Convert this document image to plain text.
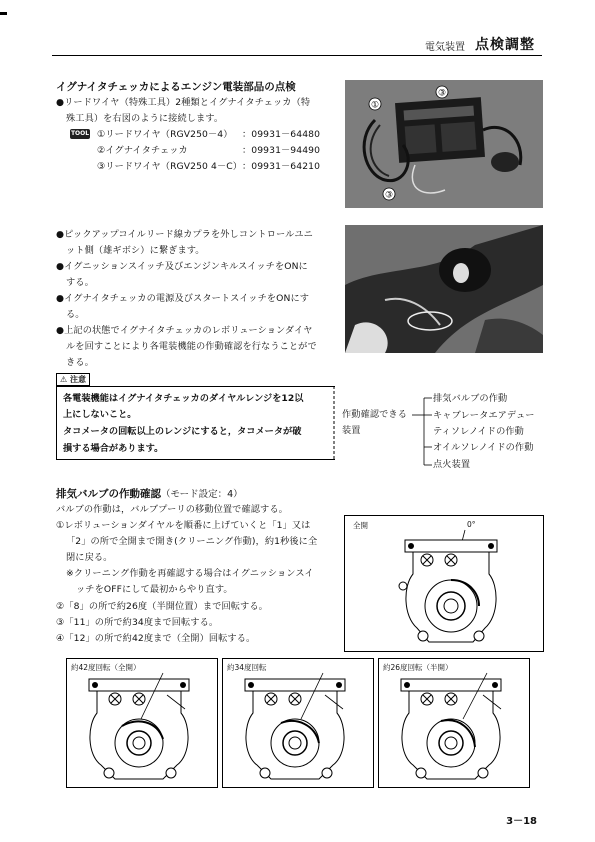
電気装置 点検調整
イグナイタチェッカによるエンジン電装部品の点検
●リードワイヤ（特殊工具）2種類とイグナイタチェッカ（特
殊工具）を右図のように接続します。
TOOL ①リードワイヤ（RGV250－4） ：09931－64480
②イグナイタチェッカ	：09931－94490
③リードワイヤ（RGV250 4－C） ：09931－64210
①
③
③
●ピックアップコイルリード線カプラを外しコントロールユニ
ット側（雄ギボシ）に繋ぎます。
●イグニッションスイッチ及びエンジンキルスイッチをONに
する。
●イグナイタチェッカの電源及びスタートスイッチをONにす
る。
●上記の状態でイグナイタチェッカのレボリューションダイヤ
ルを回すことにより各電装機能の作動確認を行なうことがで
きる。
⚠ 注意
各電装機能はイグナイタチェッカのダイヤルレンジを12以
上にしないこと。
タコメータの回転以上のレンジにすると，タコメータが破
損する場合があります。
作動確認できる
装置
排気バルブの作動
キャブレータエアデュー
ティソレノイドの作動
オイルソレノイドの作動
点火装置
排気バルブの作動確認（モード設定：4）
バルブの作動は，バルブプーリの移動位置で確認する。
①レボリューションダイヤルを順番に上げていくと「1」又は
「2」の所で全開まで開き(クリーニング作動)，約1秒後に全
閉に戻る。
※クリーニング作動を再確認する場合はイグニッションスイ
ッチをOFFにして最初からやり直す。
②「8」の所で約26度（半開位置）まで回転する。
③「11」の所で約34度まで回転する。
④「12」の所で約42度まで（全開）回転する。
全開	0°
約42度回転（全開）	約34度回転	約26度回転（半開）
3－18
